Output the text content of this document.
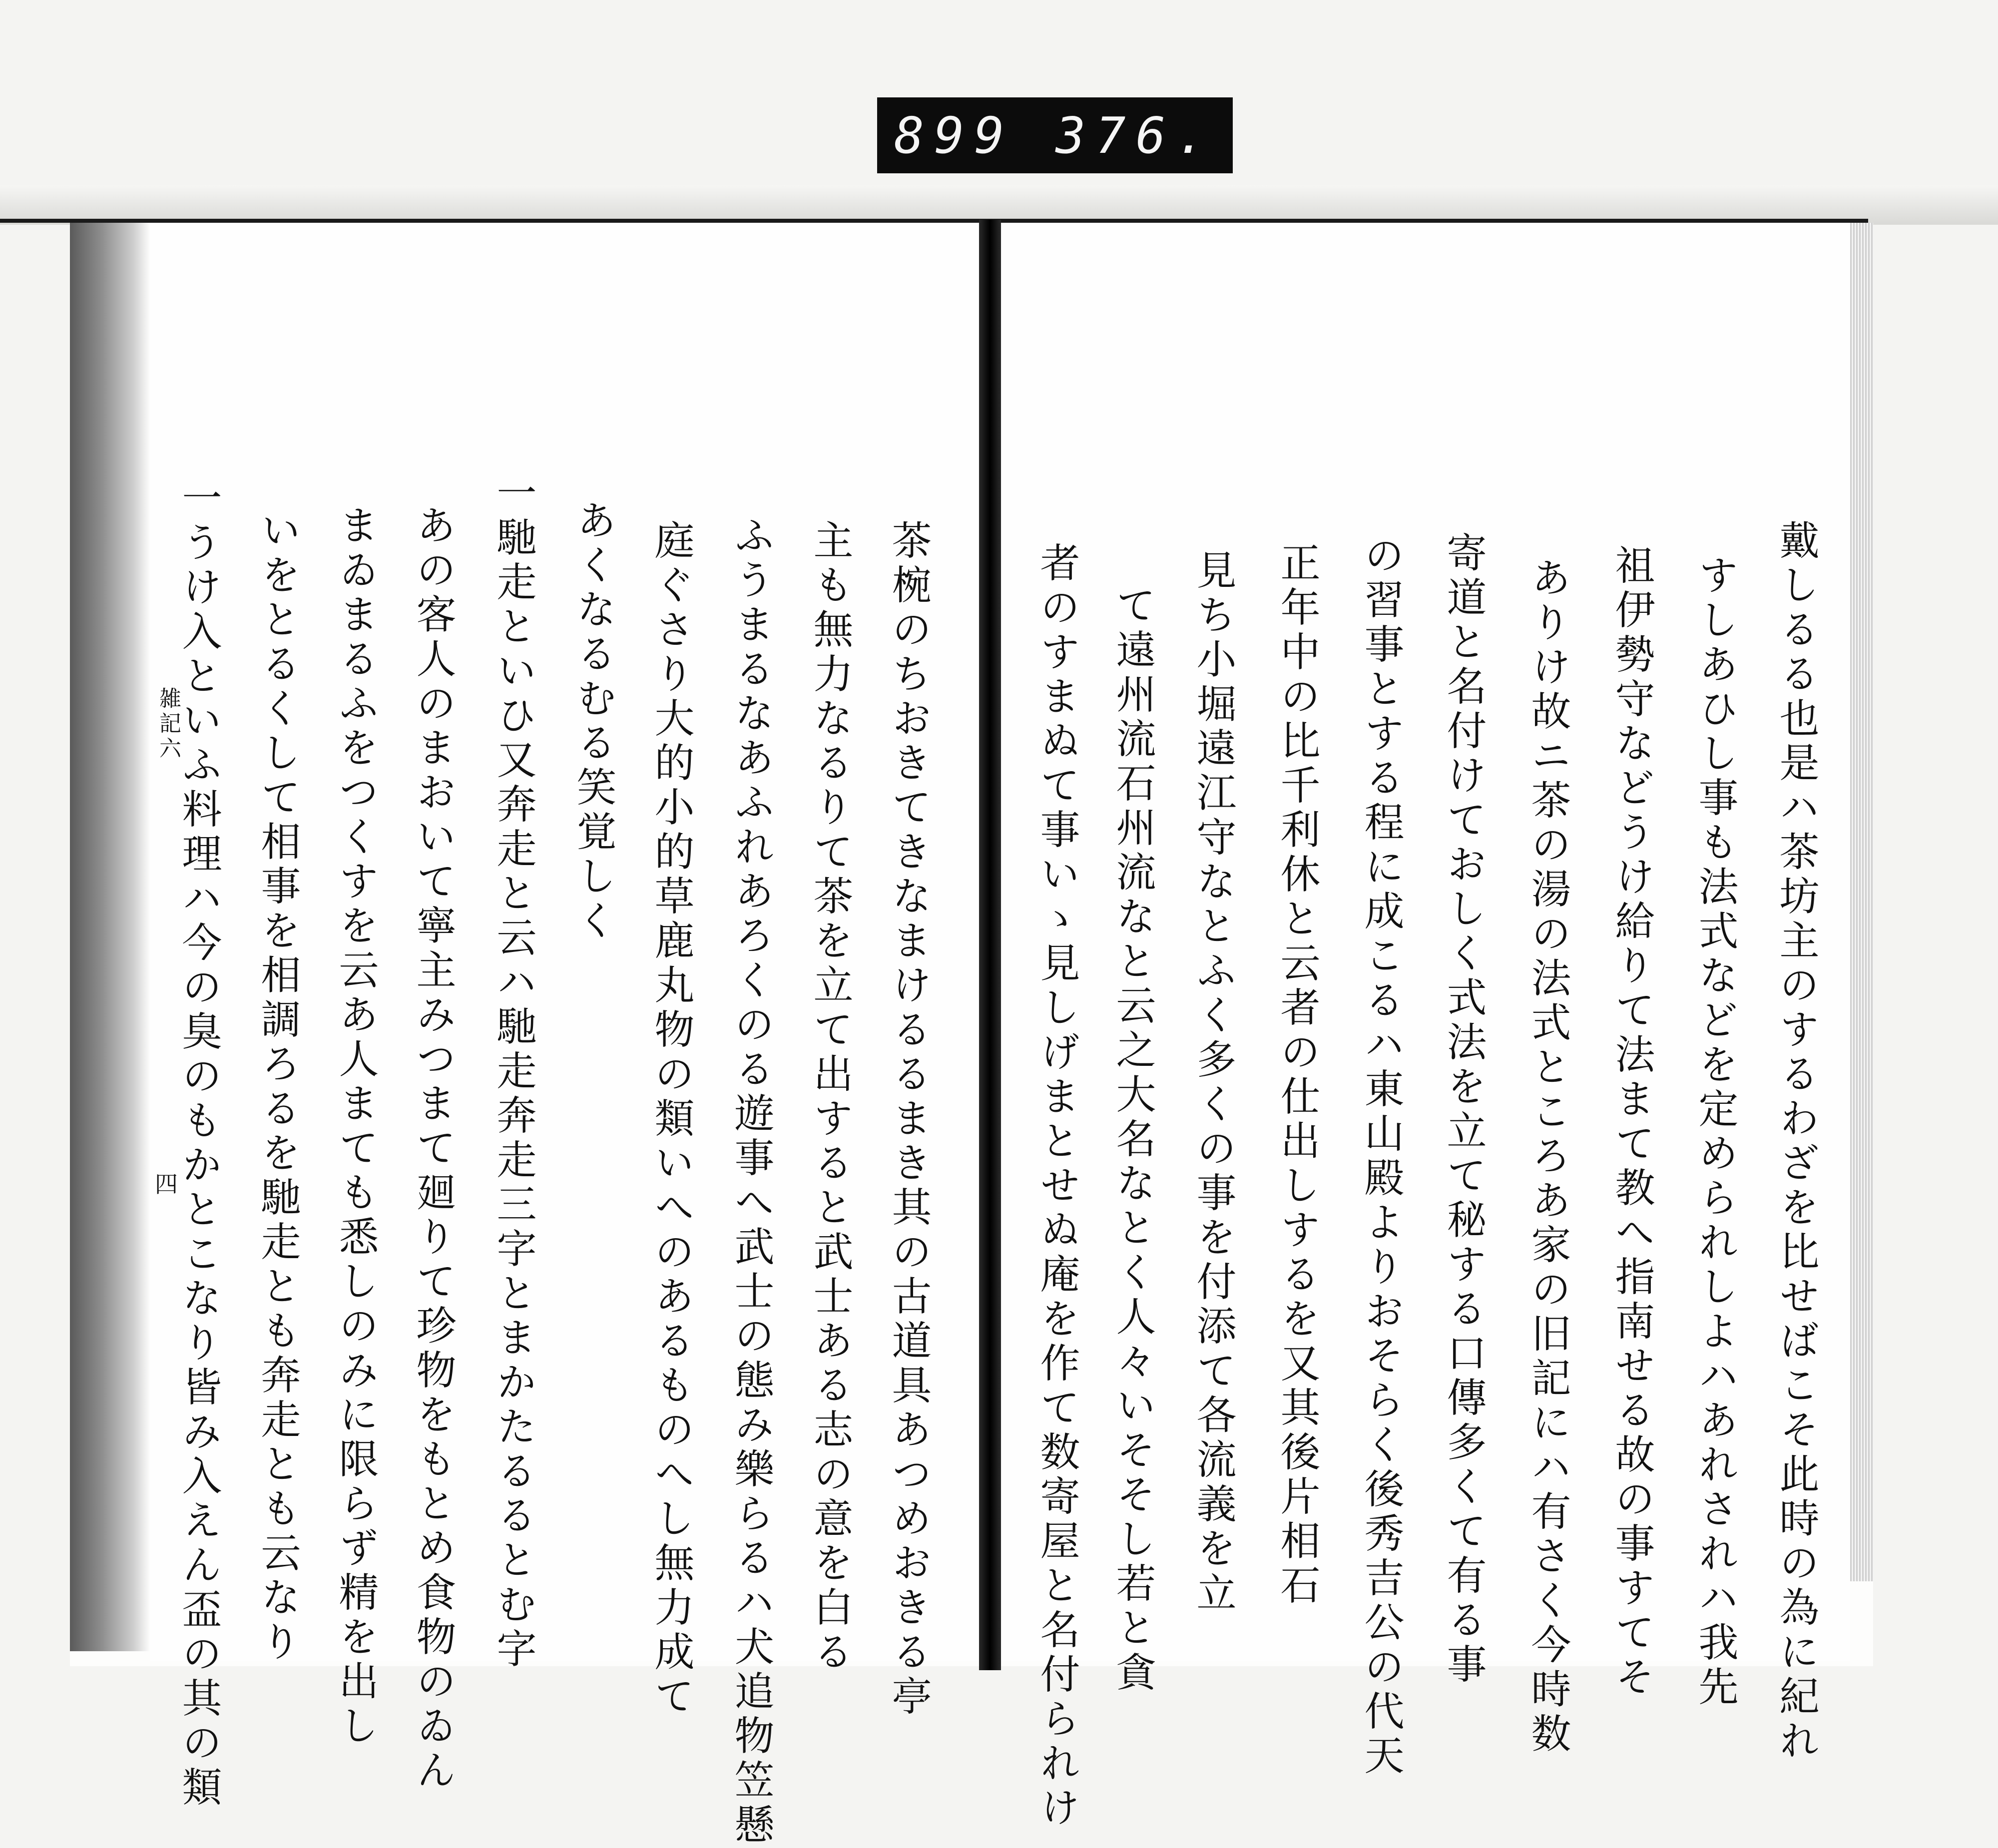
899 376.
戴しるる也是ハ茶坊主のするわざを比せばこそ此時の為に紀れ
すしあひし事も法式などを定められしよハあれされハ我先
祖伊勢守などうけ給りて法まて教へ指南せる故の事すてそ
ありけ故ニ茶の湯の法式ところあ家の旧記にハ有さく今時数
寄道と名付けておしく式法を立て秘する口傳多くて有る事
の習事とする程に成こるハ東山殿よりおそらく後秀吉公の代天
正年中の比千利休と云者の仕出しするを又其後片相石
見ち小堀遠江守なとふく多くの事を付添て各流義を立
て遠州流石州流なと云之大名なとく人々いそそし若と貪
者のすまぬて事いゝ見しげまとせぬ庵を作て数寄屋と名付られけ
茶椀のちおきてきなまけるるまき其の古道具あつめおきる亭
主も無力なるりて茶を立て出すると武士ある志の意を白る
ふうまるなあふれあろくのる遊事へ武士の態み樂らるハ犬追物笠懸
庭ぐさり大的小的草鹿丸物の類いへのあるものへし無力成て
あくなるむる笑覚しく
一馳走といひ又奔走と云ハ馳走奔走三字とまかたるるとむ字
あの客人のまおいて寧主みつまて廻りて珍物をもとめ食物のゐん
まゐまるふをつくすを云あ人まても悉しのみに限らず精を出し
いをとるくして相事を相調ろるを馳走とも奔走とも云なり
一うけ入といふ料理ハ今の臭のもかとこなり皆み入えん盃の其の類
雑記六
四
